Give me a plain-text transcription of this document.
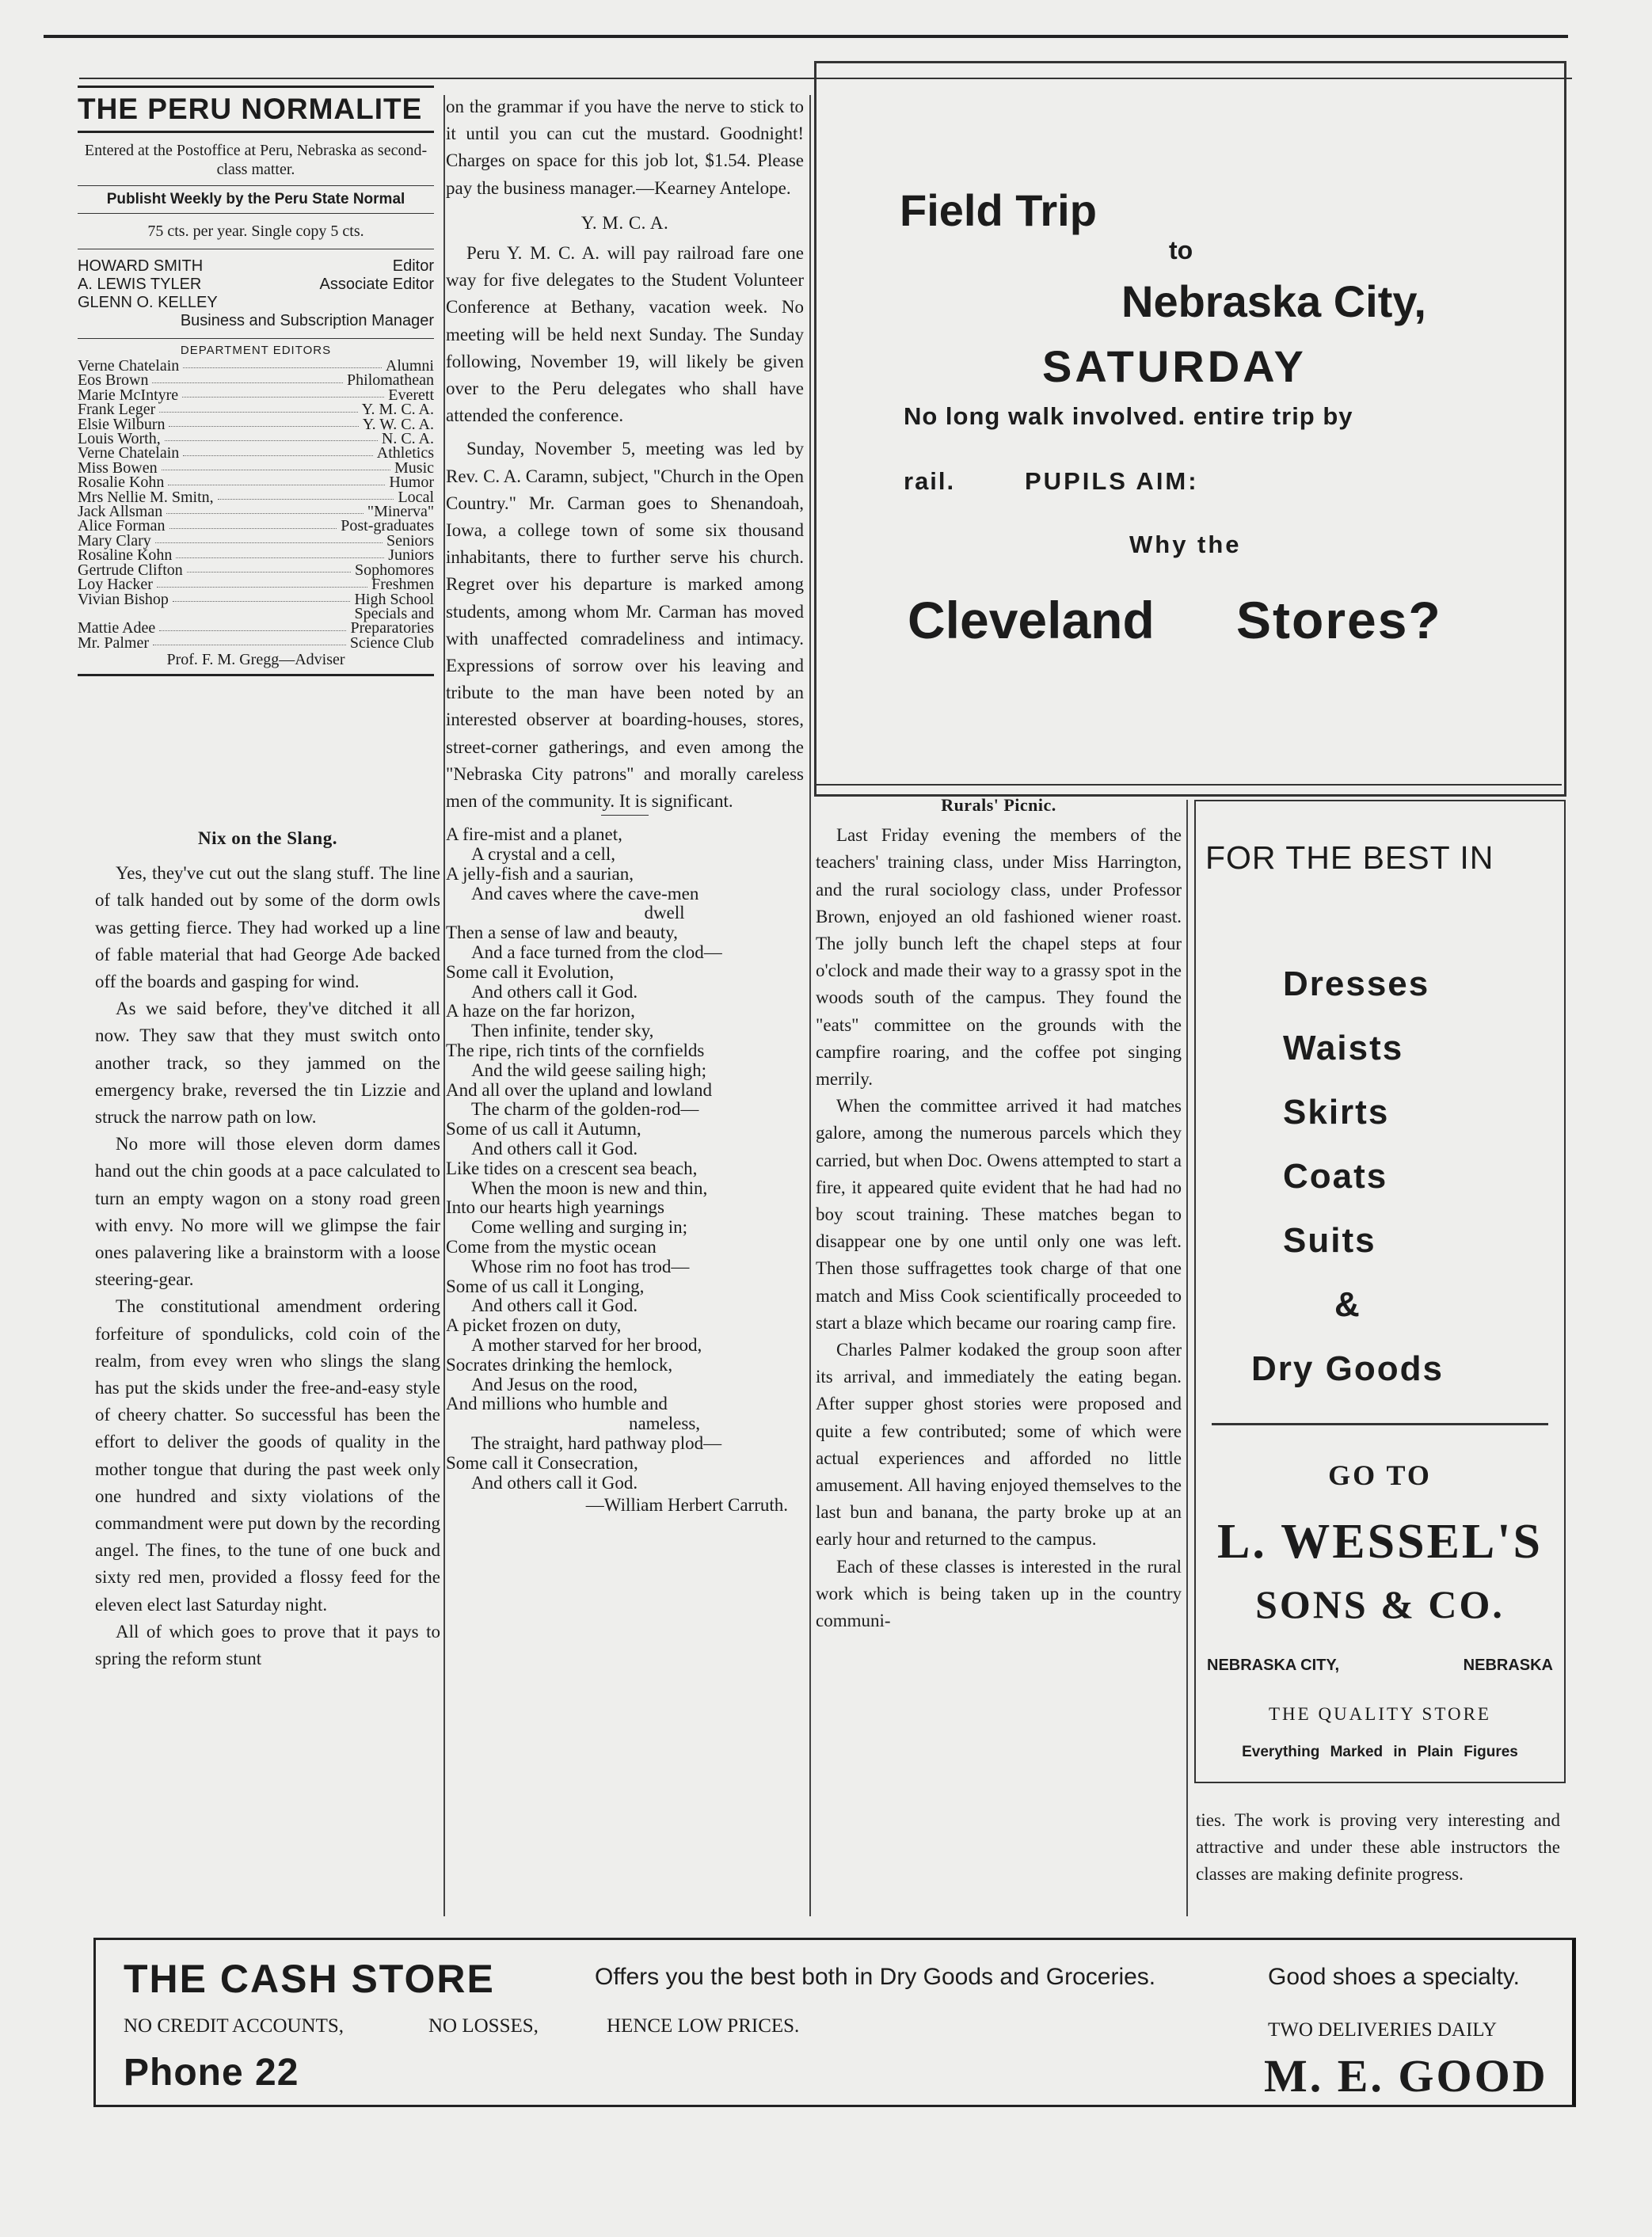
THE PERU NORMALITE
Entered at the Postoffice at Peru, Nebraska as second-class matter.
Publisht Weekly by the Peru State Normal
75 cts. per year. Single copy 5 cts.
HOWARD SMITH	Editor
A. LEWIS TYLER	Associate Editor
GLENN O. KELLEY
Business and Subscription Manager
DEPARTMENT EDITORS
Verne Chatelain	Alumni
Eos Brown	Philomathean
Marie McIntyre	Everett
Frank Leger	Y. M. C. A.
Elsie Wilburn	Y. W. C. A.
Louis Worth,	N. C. A.
Verne Chatelain	Athletics
Miss Bowen	Music
Rosalie Kohn	Humor
Mrs Nellie M. Smitn,	Local
Jack Allsman	"Minerva"
Alice Forman	Post-graduates
Mary Clary	Seniors
Rosaline Kohn	Juniors
Gertrude Clifton	Sophomores
Loy Hacker	Freshmen
Vivian Bishop	High School
Specials and
Mattie Adee	Preparatories
Mr. Palmer	Science Club
Prof. F. M. Gregg—Adviser
Nix on the Slang.

Yes, they've cut out the slang stuff. The line of talk handed out by some of the dorm owls was getting fierce. They had worked up a line of fable material that had George Ade backed off the boards and gasping for wind.

As we said before, they've ditched it all now. They saw that they must switch onto another track, so they jammed on the emergency brake, reversed the tin Lizzie and struck the narrow path on low.

No more will those eleven dorm dames hand out the chin goods at a pace calculated to turn an empty wagon on a stony road green with envy. No more will we glimpse the fair ones palavering like a brainstorm with a loose steering-gear.

The constitutional amendment ordering forfeiture of spondulicks, cold coin of the realm, from evey wren who slings the slang has put the skids under the free-and-easy style of cheery chatter. So successful has been the effort to deliver the goods of quality in the mother tongue that during the past week only one hundred and sixty violations of the commandment were put down by the recording angel. The fines, to the tune of one buck and sixty red men, provided a flossy feed for the eleven elect last Saturday night.

All of which goes to prove that it pays to spring the reform stunt

on the grammar if you have the nerve to stick to it until you can cut the mustard. Goodnight! Charges on space for this job lot, $1.54. Please pay the business manager.—Kearney Antelope.

Y. M. C. A.

Peru Y. M. C. A. will pay railroad fare one way for five delegates to the Student Volunteer Conference at Bethany, vacation week. No meeting will be held next Sunday. The Sunday following, November 19, will likely be given over to the Peru delegates who shall have attended the conference.

Sunday, November 5, meeting was led by Rev. C. A. Caramn, subject, "Church in the Open Country." Mr. Carman goes to Shenandoah, Iowa, a college town of some six thousand inhabitants, there to further serve his church. Regret over his departure is marked among students, among whom Mr. Carman has moved with unaffected comradeliness and intimacy. Expressions of sorrow over his leaving and tribute to the man have been noted by an interested observer at boarding-houses, stores, street-corner gatherings, and even among the "Nebraska City patrons" and morally careless men of the community. It is significant.

A fire-mist and a planet,
A crystal and a cell,
A jelly-fish and a saurian,
And caves where the cave-men
dwell
Then a sense of law and beauty,
And a face turned from the clod—
Some call it Evolution,
And others call it God.
A haze on the far horizon,
Then infinite, tender sky,
The ripe, rich tints of the cornfields
And the wild geese sailing high;
And all over the upland and lowland
The charm of the golden-rod—
Some of us call it Autumn,
And others call it God.
Like tides on a crescent sea beach,
When the moon is new and thin,
Into our hearts high yearnings
Come welling and surging in;
Come from the mystic ocean
Whose rim no foot has trod—
Some of us call it Longing,
And others call it God.
A picket frozen on duty,
A mother starved for her brood,
Socrates drinking the hemlock,
And Jesus on the rood,
And millions who humble and
nameless,
The straight, hard pathway plod—
Some call it Consecration,
And others call it God.
—William Herbert Carruth.
Field Trip
to
Nebraska City,
SATURDAY
No long walk involved. entire trip by
rail.	PUPILS AIM:
Why the
Cleveland Stores?
Rurals' Picnic.

Last Friday evening the members of the teachers' training class, under Miss Harrington, and the rural sociology class, under Professor Brown, enjoyed an old fashioned wiener roast. The jolly bunch left the chapel steps at four o'clock and made their way to a grassy spot in the woods south of the campus. They found the "eats" committee on the grounds with the campfire roaring, and the coffee pot singing merrily.

When the committee arrived it had matches galore, among the numerous parcels which they carried, but when Doc. Owens attempted to start a fire, it appeared quite evident that he had had no boy scout training. These matches began to disappear one by one until only one was left. Then those suffragettes took charge of that one match and Miss Cook scientifically proceeded to start a blaze which became our roaring camp fire.

Charles Palmer kodaked the group soon after its arrival, and immediately the eating began. After supper ghost stories were proposed and quite a few contributed; some of which were actual experiences and afforded no little amusement. All having enjoyed themselves to the last bun and banana, the party broke up at an early hour and returned to the campus.

Each of these classes is interested in the rural work which is being taken up in the country communi-

FOR THE BEST IN
Dresses
Waists
Skirts
Coats
Suits
&
Dry Goods
GO TO
L. WESSEL'S
SONS & CO.
NEBRASKA CITY,	NEBRASKA
THE QUALITY STORE
Everything Marked in Plain Figures

ties. The work is proving very interesting and attractive and under these able instructors the classes are making definite progress.

THE CASH STORE	Offers you the best both in Dry Goods and Groceries.	Good shoes a specialty.
NO CREDIT ACCOUNTS,	NO LOSSES,	HENCE LOW PRICES.	TWO DELIVERIES DAILY
Phone 22	M. E. GOOD
